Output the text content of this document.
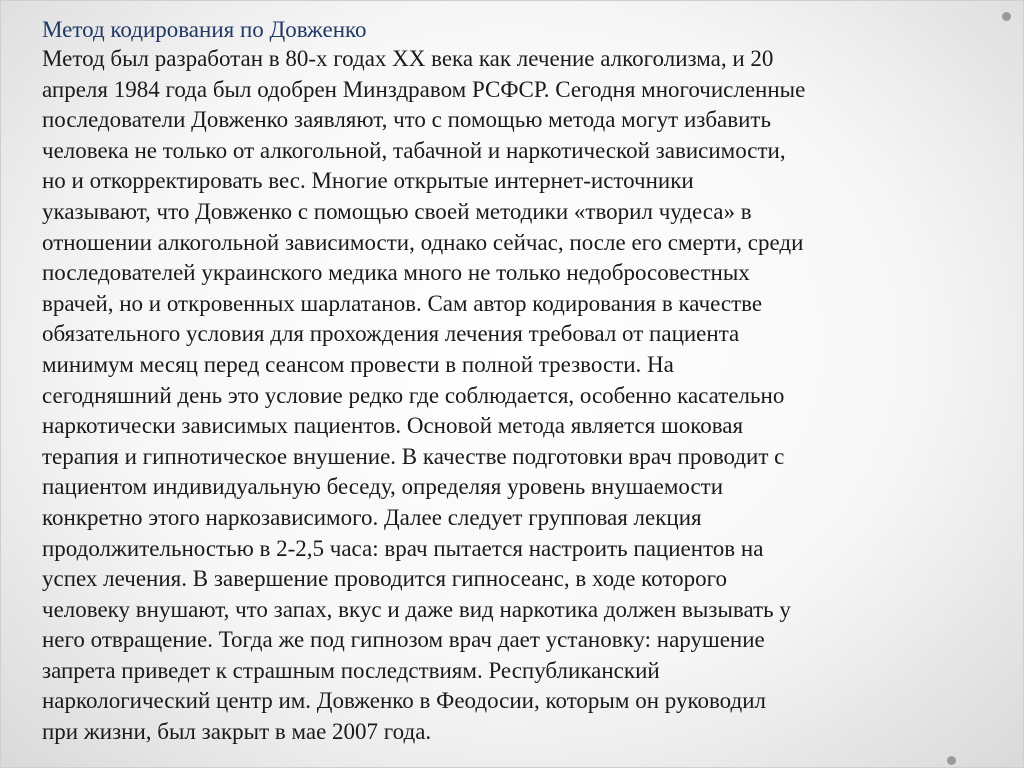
Метод кодирования по Довженко

Метод был разработан в 80-х годах XX века как лечение алкоголизма, и 20
апреля 1984 года был одобрен Минздравом РСФСР. Сегодня многочисленные
последователи Довженко заявляют, что с помощью метода могут избавить
человека не только от алкогольной, табачной и наркотической зависимости,
но и откорректировать вес. Многие открытые интернет-источники
указывают, что Довженко с помощью своей методики «творил чудеса» в
отношении алкогольной зависимости, однако сейчас, после его смерти, среди
последователей украинского медика много не только недобросовестных
врачей, но и откровенных шарлатанов. Сам автор кодирования в качестве
обязательного условия для прохождения лечения требовал от пациента
минимум месяц перед сеансом провести в полной трезвости. На
сегодняшний день это условие редко где соблюдается, особенно касательно
наркотически зависимых пациентов. Основой метода является шоковая
терапия и гипнотическое внушение. В качестве подготовки врач проводит с
пациентом индивидуальную беседу, определяя уровень внушаемости
конкретно этого наркозависимого. Далее следует групповая лекция
продолжительностью в 2-2,5 часа: врач пытается настроить пациентов на
успех лечения. В завершение проводится гипносеанс, в ходе которого
человеку внушают, что запах, вкус и даже вид наркотика должен вызывать у
него отвращение. Тогда же под гипнозом врач дает установку: нарушение
запрета приведет к страшным последствиям. Республиканский
наркологический центр им. Довженко в Феодосии, которым он руководил
при жизни, был закрыт в мае 2007 года.
